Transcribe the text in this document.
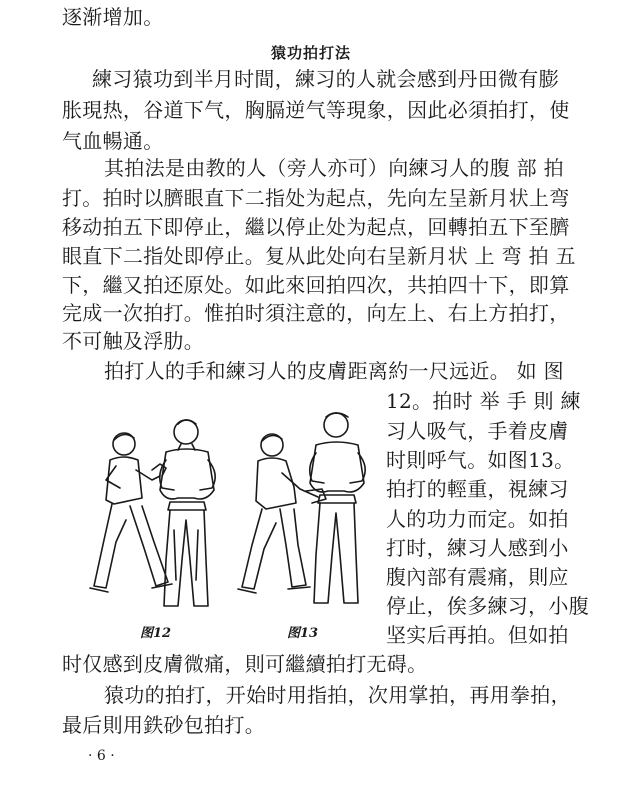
逐渐增加。
猿功拍打法
練习猿功到半月时間，練习的人就会感到丹田微有膨
胀現热，谷道下气，胸膈逆气等現象，因此必須拍打，使
气血暢通。
其拍法是由教的人（旁人亦可）向練习人的腹 部 拍
打。拍时以臍眼直下二指处为起点，先向左呈新月状上弯
移动拍五下即停止，繼以停止处为起点，回轉拍五下至臍
眼直下二指处即停止。复从此处向右呈新月状 上 弯 拍 五
下，繼又拍还原处。如此來回拍四次，共拍四十下，即算
完成一次拍打。惟拍时須注意的，向左上、右上方拍打，
不可触及浮肋。
拍打人的手和練习人的皮膚距离約一尺远近。 如 图
12。拍时 举 手 則 練
习人吸气，手着皮膚
时則呼气。如图13。
拍打的輕重，視練习
人的功力而定。如拍
打时，練习人感到小
腹內部有震痛，則应
停止，俟多練习，小腹
坚实后再拍。但如拍
时仅感到皮膚微痛，則可繼續拍打无碍。
猿功的拍打，开始时用指拍，次用掌拍，再用拳拍，
最后則用鉄砂包拍打。
图12	图13
· 6 ·
